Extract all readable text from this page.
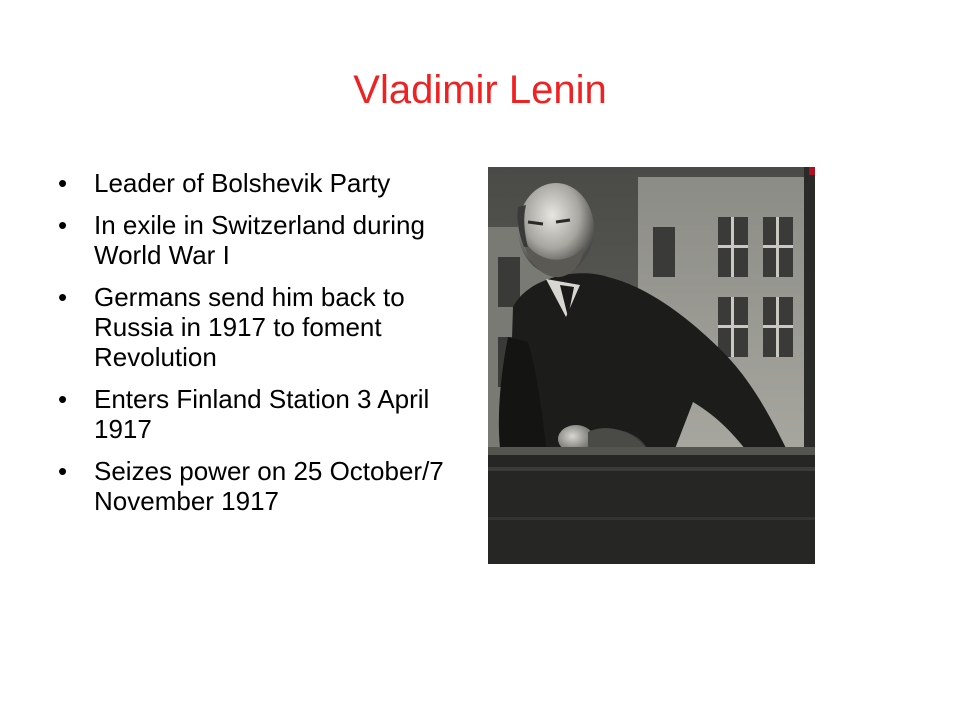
Vladimir Lenin
• Leader of Bolshevik Party
• In exile in Switzerland during World War I
• Germans send him back to Russia in 1917 to foment Revolution
• Enters Finland Station 3 April 1917
• Seizes power on 25 October/7 November 1917
